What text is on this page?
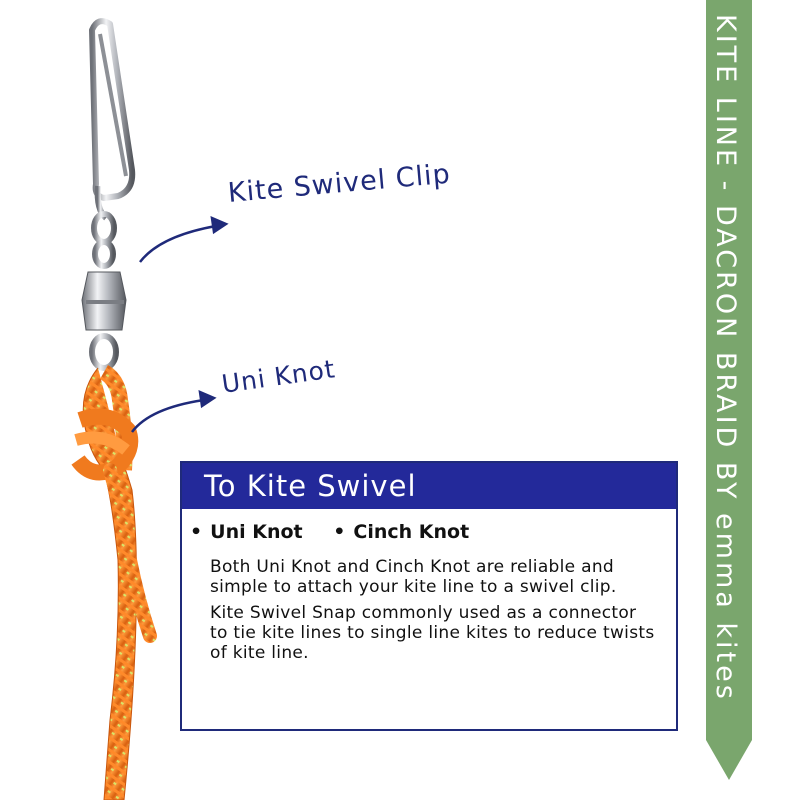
Kite Swivel Clip
Uni Knot
To Kite Swivel
• Uni Knot • Cinch Knot
Both Uni Knot and Cinch Knot are reliable and simple to attach your kite line to a swivel clip.
Kite Swivel Snap commonly used as a connector to tie kite lines to single line kites to reduce twists of kite line.	KITE LINE - DACRON BRAID BY emma kites
